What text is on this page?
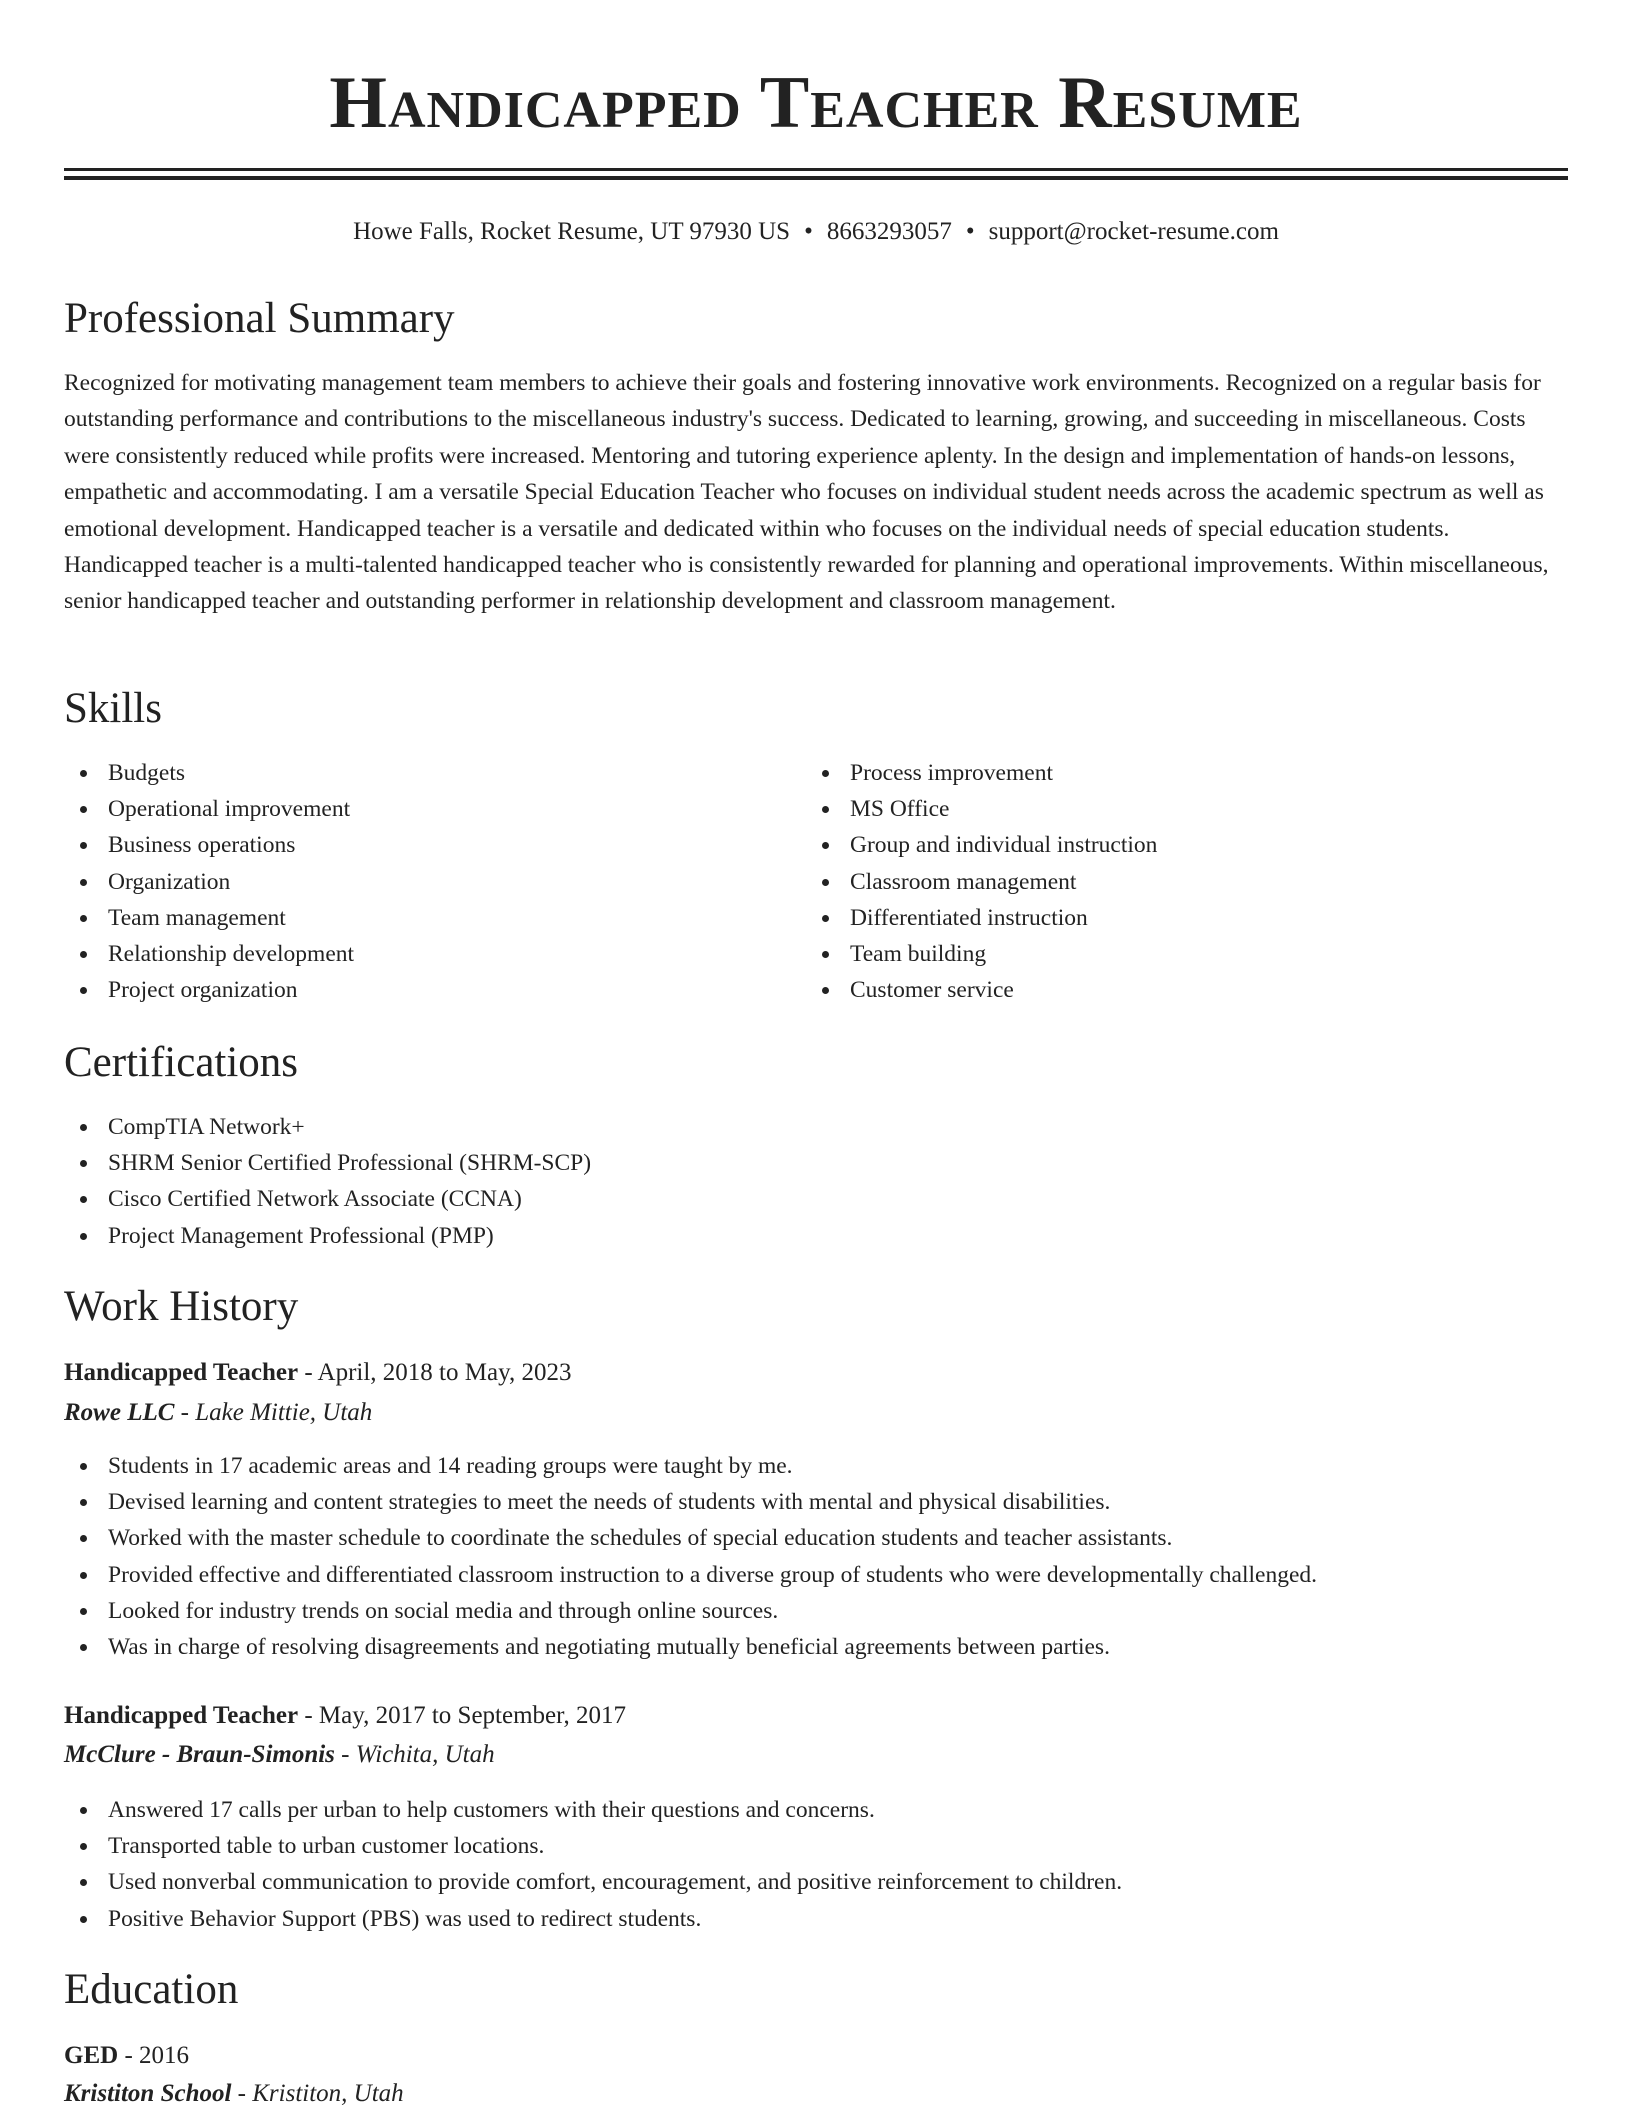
Handicapped Teacher Resume
Howe Falls, Rocket Resume, UT 97930 US • 8663293057 • support@rocket-resume.com
Professional Summary

Recognized for motivating management team members to achieve their goals and fostering innovative work environments. Recognized on a regular basis for outstanding performance and contributions to the miscellaneous industry's success. Dedicated to learning, growing, and succeeding in miscellaneous. Costs were consistently reduced while profits were increased. Mentoring and tutoring experience aplenty. In the design and implementation of hands-on lessons, empathetic and accommodating. I am a versatile Special Education Teacher who focuses on individual student needs across the academic spectrum as well as emotional development. Handicapped teacher is a versatile and dedicated within who focuses on the individual needs of special education students. Handicapped teacher is a multi-talented handicapped teacher who is consistently rewarded for planning and operational improvements. Within miscellaneous, senior handicapped teacher and outstanding performer in relationship development and classroom management.

Skills
Budgets
Operational improvement
Business operations
Organization
Team management
Relationship development
Project organization
Process improvement
MS Office
Group and individual instruction
Classroom management
Differentiated instruction
Team building
Customer service
Certifications
CompTIA Network+
SHRM Senior Certified Professional (SHRM-SCP)
Cisco Certified Network Associate (CCNA)
Project Management Professional (PMP)
Work History
Handicapped Teacher - April, 2018 to May, 2023
Rowe LLC - Lake Mittie, Utah
Students in 17 academic areas and 14 reading groups were taught by me.
Devised learning and content strategies to meet the needs of students with mental and physical disabilities.
Worked with the master schedule to coordinate the schedules of special education students and teacher assistants.
Provided effective and differentiated classroom instruction to a diverse group of students who were developmentally challenged.
Looked for industry trends on social media and through online sources.
Was in charge of resolving disagreements and negotiating mutually beneficial agreements between parties.
Handicapped Teacher - May, 2017 to September, 2017
McClure - Braun-Simonis - Wichita, Utah
Answered 17 calls per urban to help customers with their questions and concerns.
Transported table to urban customer locations.
Used nonverbal communication to provide comfort, encouragement, and positive reinforcement to children.
Positive Behavior Support (PBS) was used to redirect students.
Education
GED - 2016
Kristiton School - Kristiton, Utah
